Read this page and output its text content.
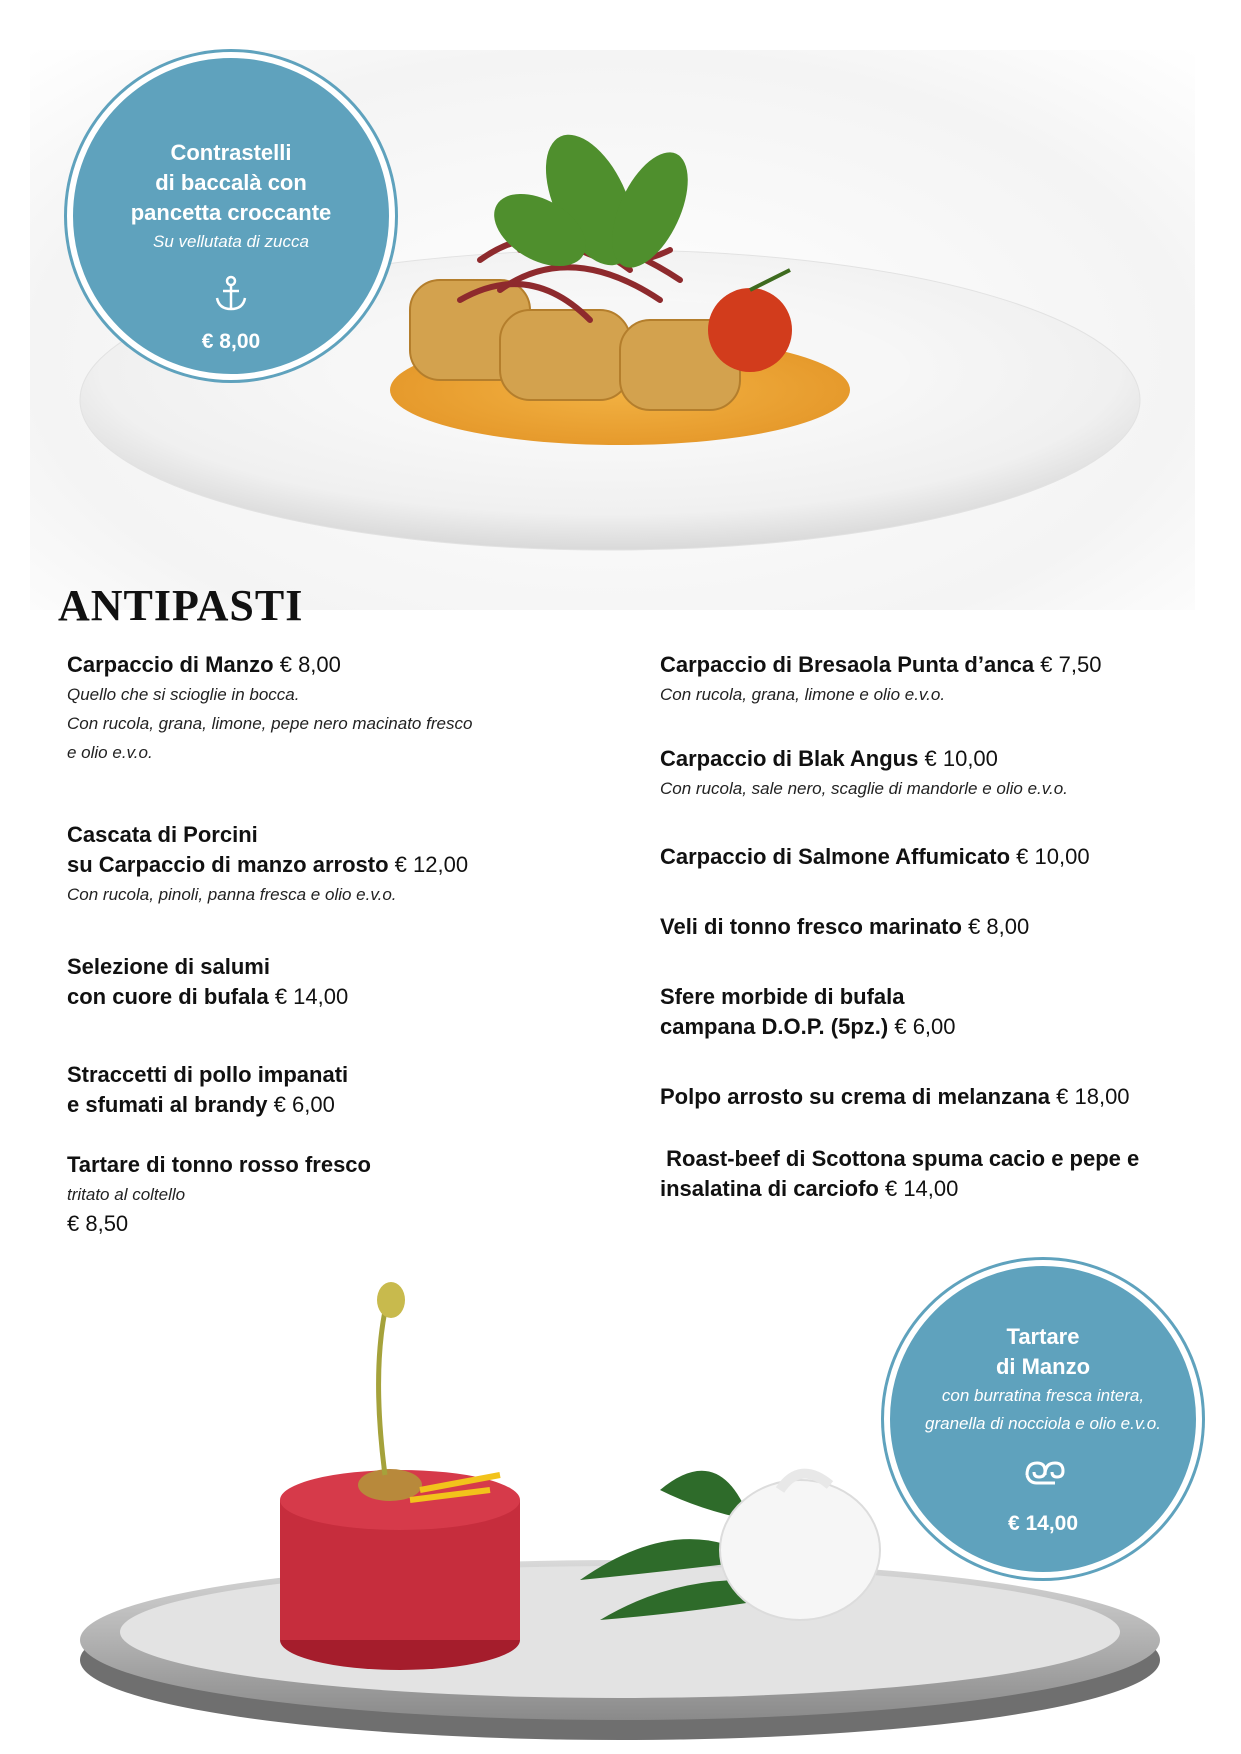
Contrastelli
di baccalà con
pancetta croccante
Su vellutata di zucca
€ 8,00
Tartare
di Manzo
con burratina fresca intera,
granella di nocciola e olio e.v.o.
€ 14,00
ANTIPASTI
Carpaccio di Manzo € 8,00
Quello che si scioglie in bocca.
Con rucola, grana, limone, pepe nero macinato fresco
e olio e.v.o.
Cascata di Porcini
su Carpaccio di manzo arrosto € 12,00
Con rucola, pinoli, panna fresca e olio e.v.o.
Selezione di salumi
con cuore di bufala € 14,00
Straccetti di pollo impanati
e sfumati al brandy € 6,00
Tartare di tonno rosso fresco
tritato al coltello
€ 8,50
Carpaccio di Bresaola Punta d’anca € 7,50
Con rucola, grana, limone e olio e.v.o.
Carpaccio di Blak Angus € 10,00
Con rucola, sale nero, scaglie di mandorle e olio e.v.o.
Carpaccio di Salmone Affumicato € 10,00
Veli di tonno fresco marinato € 8,00
Sfere morbide di bufala
campana D.O.P. (5pz.) € 6,00
Polpo arrosto su crema di melanzana € 18,00
Roast-beef di Scottona spuma cacio e pepe e
insalatina di carciofo € 14,00
